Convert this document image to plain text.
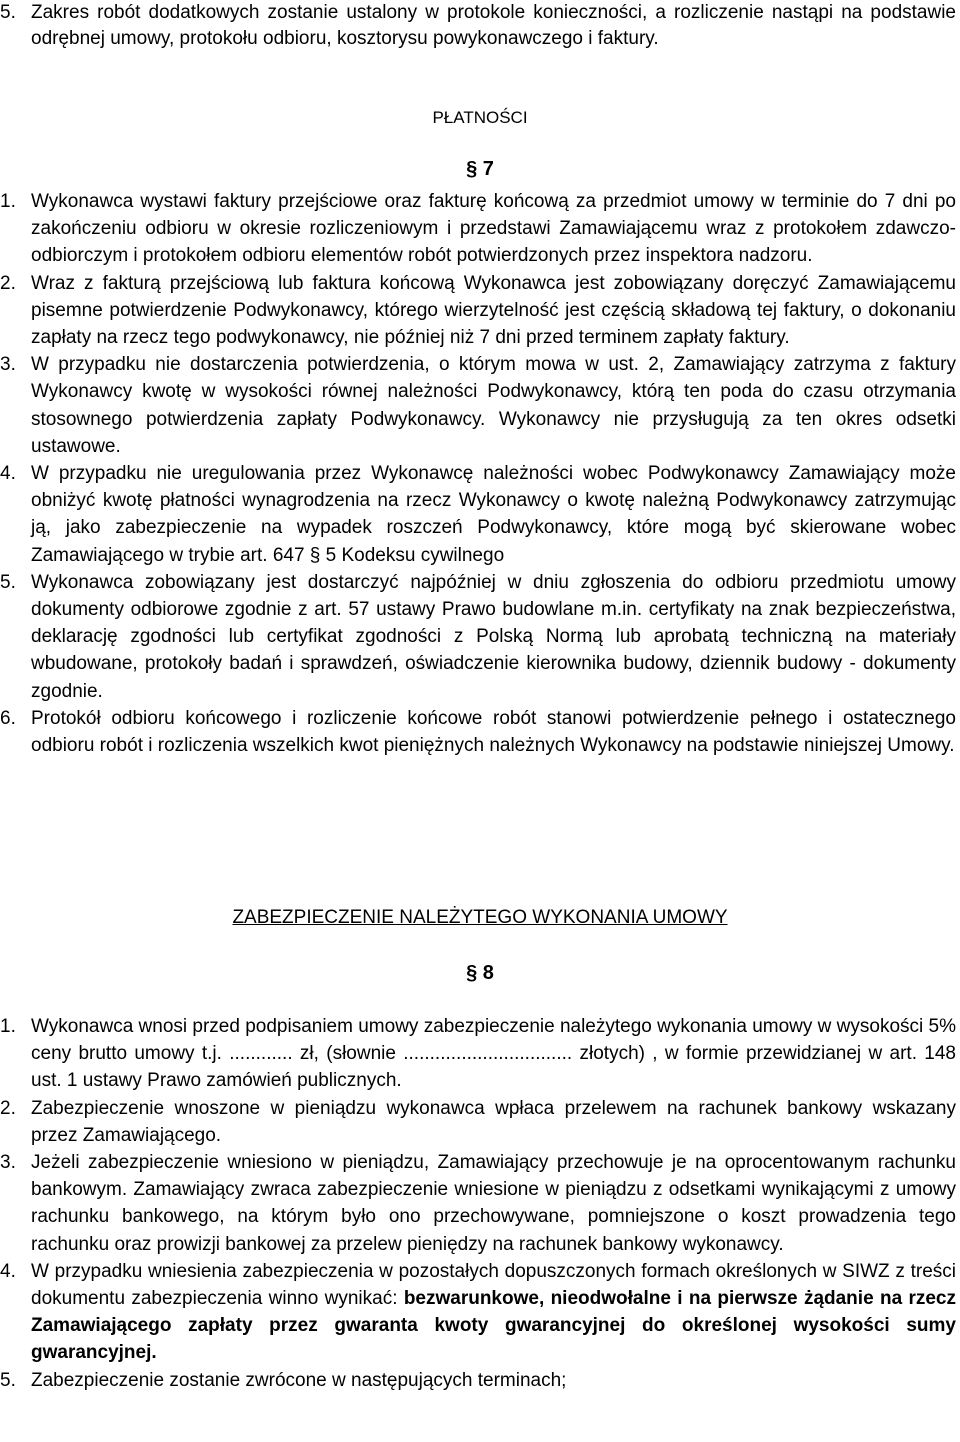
5. Zakres robót dodatkowych zostanie ustalony w protokole konieczności, a rozliczenie nastąpi na podstawie odrębnej umowy, protokołu odbioru, kosztorysu powykonawczego i faktury.
PŁATNOŚCI
§ 7
1. Wykonawca wystawi faktury przejściowe oraz fakturę końcową za przedmiot umowy w terminie do 7 dni po zakończeniu odbioru w okresie rozliczeniowym i przedstawi Zamawiającemu wraz z protokołem zdawczo-odbiorczym i protokołem odbioru elementów robót potwierdzonych przez inspektora nadzoru.
2. Wraz z fakturą przejściową lub faktura końcową Wykonawca jest zobowiązany doręczyć Zamawiającemu pisemne potwierdzenie Podwykonawcy, którego wierzytelność jest częścią składową tej faktury, o dokonaniu zapłaty na rzecz tego podwykonawcy, nie później niż 7 dni przed terminem zapłaty faktury.
3. W przypadku nie dostarczenia potwierdzenia, o którym mowa w ust. 2, Zamawiający zatrzyma z faktury Wykonawcy kwotę w wysokości równej należności Podwykonawcy, którą ten poda do czasu otrzymania stosownego potwierdzenia zapłaty Podwykonawcy. Wykonawcy nie przysługują za ten okres odsetki ustawowe.
4. W przypadku nie uregulowania przez Wykonawcę należności wobec Podwykonawcy Zamawiający może obniżyć kwotę płatności wynagrodzenia na rzecz Wykonawcy o kwotę należną Podwykonawcy zatrzymując ją, jako zabezpieczenie na wypadek roszczeń Podwykonawcy, które mogą być skierowane wobec Zamawiającego w trybie art. 647 § 5 Kodeksu cywilnego
5. Wykonawca zobowiązany jest dostarczyć najpóźniej w dniu zgłoszenia do odbioru przedmiotu umowy dokumenty odbiorowe zgodnie z art. 57 ustawy Prawo budowlane m.in. certyfikaty na znak bezpieczeństwa, deklarację zgodności lub certyfikat zgodności z Polską Normą lub aprobatą techniczną na materiały wbudowane, protokoły badań i sprawdzeń, oświadczenie kierownika budowy, dziennik budowy - dokumenty zgodnie.
6. Protokół odbioru końcowego i rozliczenie końcowe robót stanowi potwierdzenie pełnego i ostatecznego odbioru robót i rozliczenia wszelkich kwot pieniężnych należnych Wykonawcy na podstawie niniejszej Umowy.
ZABEZPIECZENIE NALEŻYTEGO WYKONANIA UMOWY
§ 8
1. Wykonawca wnosi przed podpisaniem umowy zabezpieczenie należytego wykonania umowy w wysokości 5% ceny brutto umowy t.j. ............ zł, (słownie ................................ złotych) , w formie przewidzianej w art. 148 ust. 1 ustawy Prawo zamówień publicznych.
2. Zabezpieczenie wnoszone w pieniądzu wykonawca wpłaca przelewem na rachunek bankowy wskazany przez Zamawiającego.
3. Jeżeli zabezpieczenie wniesiono w pieniądzu, Zamawiający przechowuje je na oprocentowanym rachunku bankowym. Zamawiający zwraca zabezpieczenie wniesione w pieniądzu z odsetkami wynikającymi z umowy rachunku bankowego, na którym było ono przechowywane, pomniejszone o koszt prowadzenia tego rachunku oraz prowizji bankowej za przelew pieniędzy na rachunek bankowy wykonawcy.
4. W przypadku wniesienia zabezpieczenia w pozostałych dopuszczonych formach określonych w SIWZ z treści dokumentu zabezpieczenia winno wynikać: bezwarunkowe, nieodwołalne i na pierwsze żądanie na rzecz Zamawiającego zapłaty przez gwaranta kwoty gwarancyjnej do określonej wysokości sumy gwarancyjnej.
5. Zabezpieczenie zostanie zwrócone w następujących terminach;
